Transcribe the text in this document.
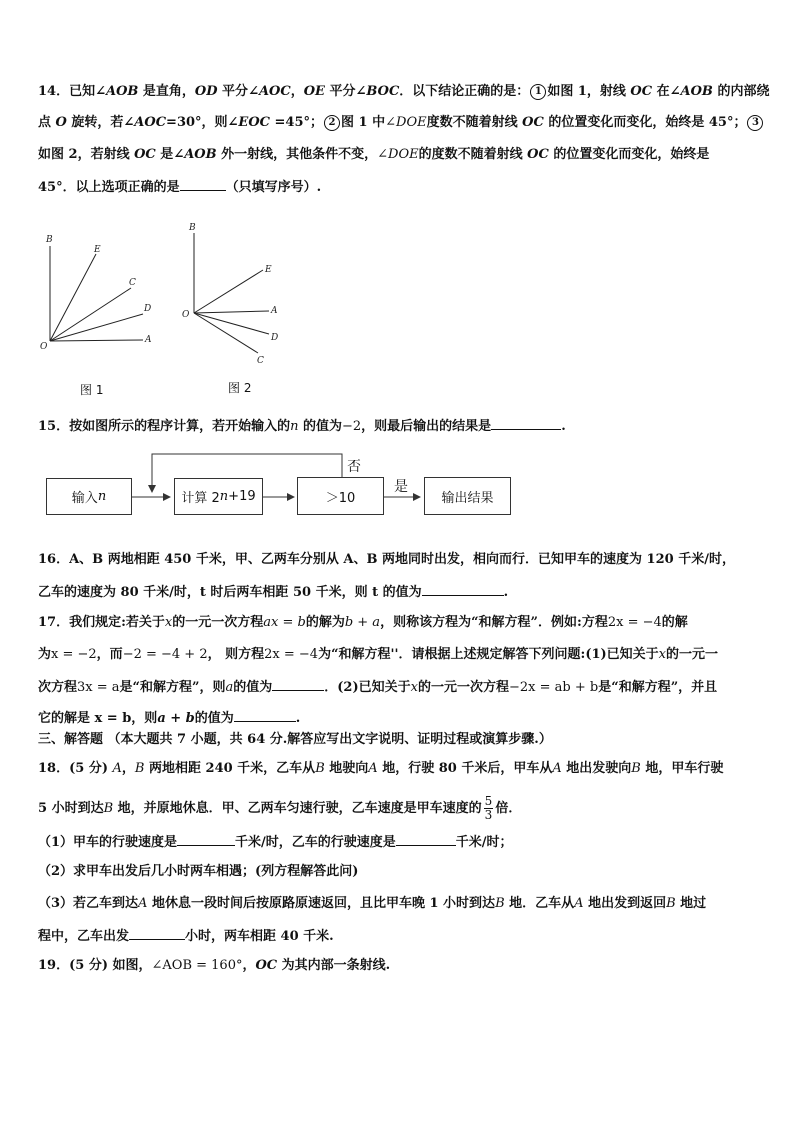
14．已知∠AOB 是直角，OD 平分∠AOC，OE 平分∠BOC．以下结论正确的是： 1 如图 1，射线 OC 在∠AOB 的内部绕
点 O 旋转，若∠AOC=30°，则∠EOC =45°； 2 图 1 中∠DOE度数不随着射线 OC 的位置变化而变化，始终是 45°； 3
如图 2，若射线 OC 是∠AOB 外一射线，其他条件不变，∠DOE的度数不随着射线 OC 的位置变化而变化，始终是
45°．以上选项正确的是	（只填写序号）.
B
E
C
D
A
O
图 1
B
E
A
D
C
O
图 2
15．按如图所示的程序计算，若开始输入的n 的值为−2，则最后输出的结果是	.
输入 n	计算 2 n +19	＞10	输出结果
否
是
16．A、B 两地相距 450 千米，甲、乙两车分别从 A、B 两地同时出发，相向而行．已知甲车的速度为 120 千米/时，
乙车的速度为 80 千米/时，t 时后两车相距 50 千米，则 t 的值为	.
17．我们规定:若关于x的一元一次方程ax = b的解为b + a，则称该方程为“和解方程”．例如:方程2x = −4的解
为x = −2，而−2 = −4 + 2， 则方程2x = −4为“和解方程''．请根据上述规定解答下列问题:(1)已知关于x的一元一
次方程3x = a是“和解方程”，则a的值为	．(2)已知关于x的一元一次方程−2x = ab + b是“和解方程”，并且
它的解是 x = b，则a + b的值为	.
三、解答题 （本大题共 7 小题，共 64 分.解答应写出文字说明、证明过程或演算步骤.）
18．(5 分) A，B 两地相距 240 千米，乙车从B 地驶向A 地，行驶 80 千米后，甲车从A 地出发驶向B 地，甲车行驶
5 小时到达B 地，并原地休息．甲、乙两车匀速行驶，乙车速度是甲车速度的 $\frac{5}{3}$ 倍．
（1）甲车的行驶速度是	千米/时，乙车的行驶速度是	千米/时；
（2）求甲车出发后几小时两车相遇；(列方程解答此问)
（3）若乙车到达A 地休息一段时间后按原路原速返回，且比甲车晚 1 小时到达B 地．乙车从A 地出发到返回B 地过
程中，乙车出发	小时，两车相距 40 千米.
19．(5 分) 如图，∠AOB = 160°，OC 为其内部一条射线.
